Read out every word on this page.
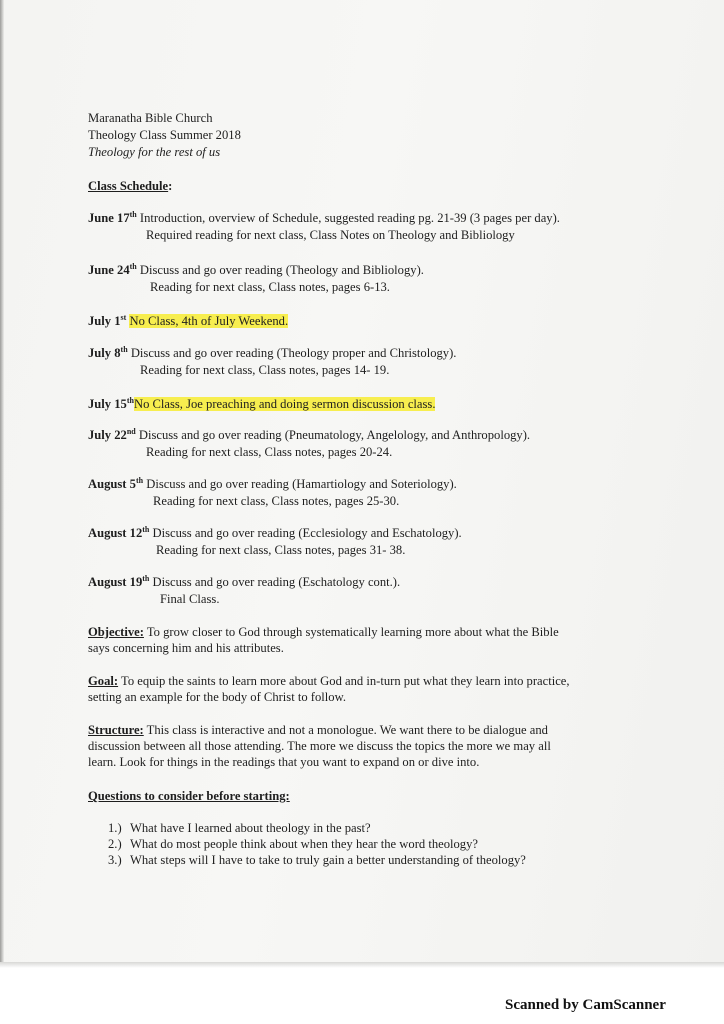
Maranatha Bible Church
Theology Class Summer 2018
Theology for the rest of us
Class Schedule:
June 17th Introduction, overview of Schedule, suggested reading pg. 21-39 (3 pages per day).
Required reading for next class, Class Notes on Theology and Bibliology
June 24th Discuss and go over reading (Theology and Bibliology).
Reading for next class, Class notes, pages 6-13.
July 1st No Class, 4th of July Weekend.
July 8th Discuss and go over reading (Theology proper and Christology).
Reading for next class, Class notes, pages 14- 19.
July 15thNo Class, Joe preaching and doing sermon discussion class.
July 22nd Discuss and go over reading (Pneumatology, Angelology, and Anthropology).
Reading for next class, Class notes, pages 20-24.
August 5th Discuss and go over reading (Hamartiology and Soteriology).
Reading for next class, Class notes, pages 25-30.
August 12th Discuss and go over reading (Ecclesiology and Eschatology).
Reading for next class, Class notes, pages 31- 38.
August 19th Discuss and go over reading (Eschatology cont.).
Final Class.
Objective: To grow closer to God through systematically learning more about what the Bible
says concerning him and his attributes.
Goal: To equip the saints to learn more about God and in-turn put what they learn into practice,
setting an example for the body of Christ to follow.
Structure: This class is interactive and not a monologue. We want there to be dialogue and
discussion between all those attending. The more we discuss the topics the more we may all
learn. Look for things in the readings that you want to expand on or dive into.
Questions to consider before starting:
1.) What have I learned about theology in the past?
2.) What do most people think about when they hear the word theology?
3.) What steps will I have to take to truly gain a better understanding of theology?
Scanned by CamScanner
